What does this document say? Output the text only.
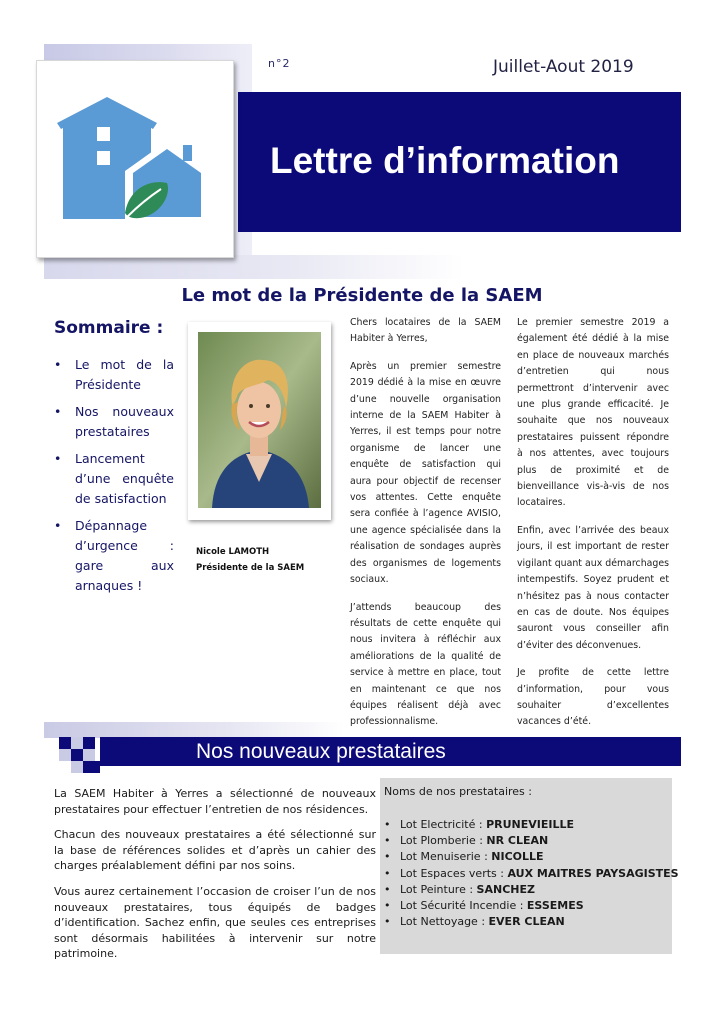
n°2	Juillet-Aout 2019
Lettre d’information
Le mot de la Présidente de la SAEM
Sommaire :
• Le mot de la Présidente
• Nos nouveaux prestataires
• Lancement d’une enquête de satisfaction
• Dépannage d’urgence : gare aux arnaques !
Nicole LAMOTH
Présidente de la SAEM

Chers locataires de la SAEM Habiter à Yerres,

Après un premier semestre 2019 dédié à la mise en œuvre d’une nouvelle organisation interne de la SAEM Habiter à Yerres, il est temps pour notre organisme de lancer une enquête de satisfaction qui aura pour objectif de recenser vos attentes. Cette enquête sera confiée à l’agence AVISIO, une agence spécialisée dans la réalisation de sondages auprès des organismes de logements sociaux.

J’attends beaucoup des résultats de cette enquête qui nous invitera à réfléchir aux améliorations de la qualité de service à mettre en place, tout en maintenant ce que nos équipes réalisent déjà avec professionnalisme.

Le premier semestre 2019 a également été dédié à la mise en place de nouveaux marchés d’entretien qui nous permettront d’intervenir avec une plus grande efficacité. Je souhaite que nos nouveaux prestataires puissent répondre à nos attentes, avec toujours plus de proximité et de bienveillance vis-à-vis de nos locataires.

Enfin, avec l’arrivée des beaux jours, il est important de rester vigilant quant aux démarchages intempestifs. Soyez prudent et n’hésitez pas à nous contacter en cas de doute. Nos équipes sauront vous conseiller afin d’éviter des déconvenues.

Je profite de cette lettre d’information, pour vous souhaiter d’excellentes vacances d’été.

Nos nouveaux prestataires

La SAEM Habiter à Yerres a sélectionné de nouveaux prestataires pour effectuer l’entretien de nos résidences.

Chacun des nouveaux prestataires a été sélectionné sur la base de références solides et d’après un cahier des charges préalablement défini par nos soins.

Vous aurez certainement l’occasion de croiser l’un de nos nouveaux prestataires, tous équipés de badges d’identification. Sachez enfin, que seules ces entreprises sont désormais habilitées à intervenir sur notre patrimoine.

Noms de nos prestataires :
• Lot Electricité : PRUNEVIEILLE
• Lot Plomberie : NR CLEAN
• Lot Menuiserie : NICOLLE
• Lot Espaces verts : AUX MAITRES PAYSAGISTES
• Lot Peinture : SANCHEZ
• Lot Sécurité Incendie : ESSEMES
• Lot Nettoyage : EVER CLEAN
